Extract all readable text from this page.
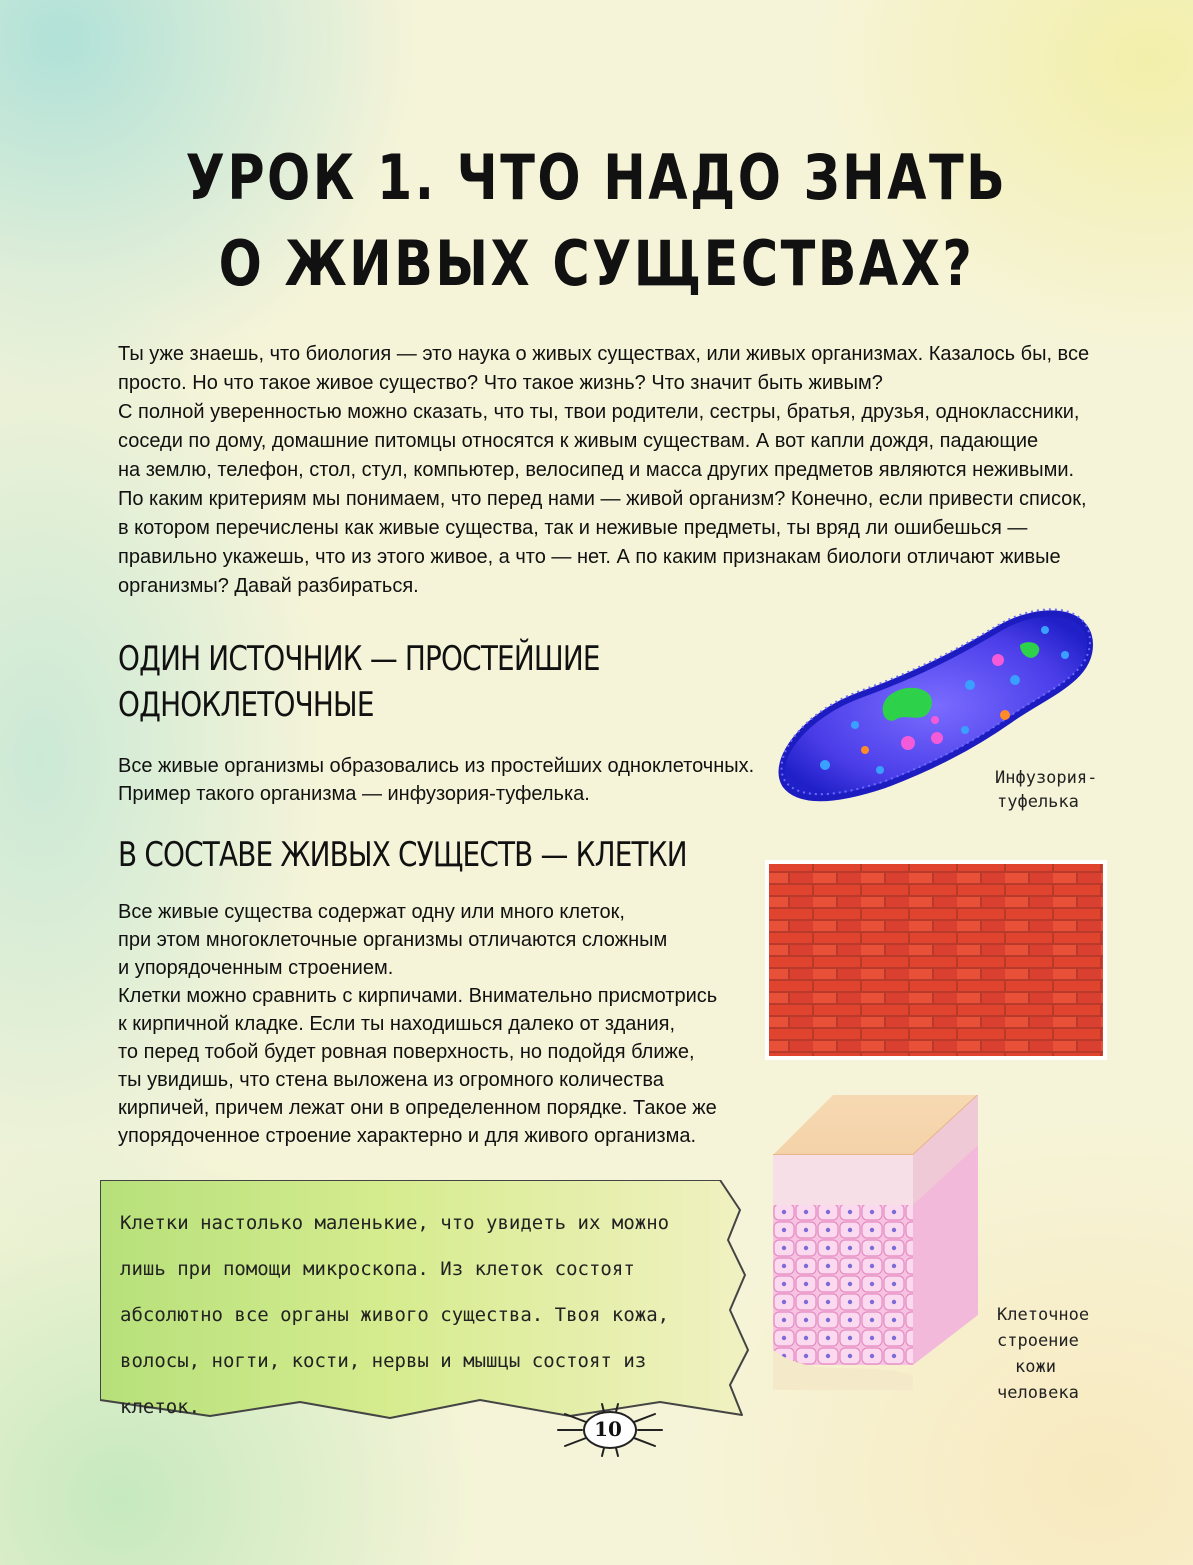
УРОК 1. ЧТО НАДО ЗНАТЬ
О ЖИВЫХ СУЩЕСТВАХ?

Ты уже знаешь, что биология — это наука о живых существах, или живых организмах. Казалось бы, все

просто. Но что такое живое существо? Что такое жизнь? Что значит быть живым?

С полной уверенностью можно сказать, что ты, твои родители, сестры, братья, друзья, одноклассники,

соседи по дому, домашние питомцы относятся к живым существам. А вот капли дождя, падающие

на землю, телефон, стол, стул, компьютер, велосипед и масса других предметов являются неживыми.

По каким критериям мы понимаем, что перед нами — живой организм? Конечно, если привести список,

в котором перечислены как живые существа, так и неживые предметы, ты вряд ли ошибешься —

правильно укажешь, что из этого живое, а что — нет. А по каким признакам биологи отличают живые

организмы? Давай разбираться.

ОДИН ИСТОЧНИК — ПРОСТЕЙШИЕ
ОДНОКЛЕТОЧНЫЕ

Все живые организмы образовались из простейших одноклеточных.

Пример такого организма — инфузория-туфелька.

Инфузория-
туфелька
В СОСТАВЕ ЖИВЫХ СУЩЕСТВ — КЛЕТКИ

Все живые существа содержат одну или много клеток,

при этом многоклеточные организмы отличаются сложным

и упорядоченным строением.

Клетки можно сравнить с кирпичами. Внимательно присмотрись

к кирпичной кладке. Если ты находишься далеко от здания,

то перед тобой будет ровная поверхность, но подойдя ближе,

ты увидишь, что стена выложена из огромного количества

кирпичей, причем лежат они в определенном порядке. Такое же

упорядоченное строение характерно и для живого организма.

Клеточное
строение
кожи
человека

Клетки настолько маленькие, что увидеть их можно

лишь при помощи микроскопа. Из клеток состоят

абсолютно все органы живого существа. Твоя кожа,

волосы, ногти, кости, нервы и мышцы состоят из клеток.

10
